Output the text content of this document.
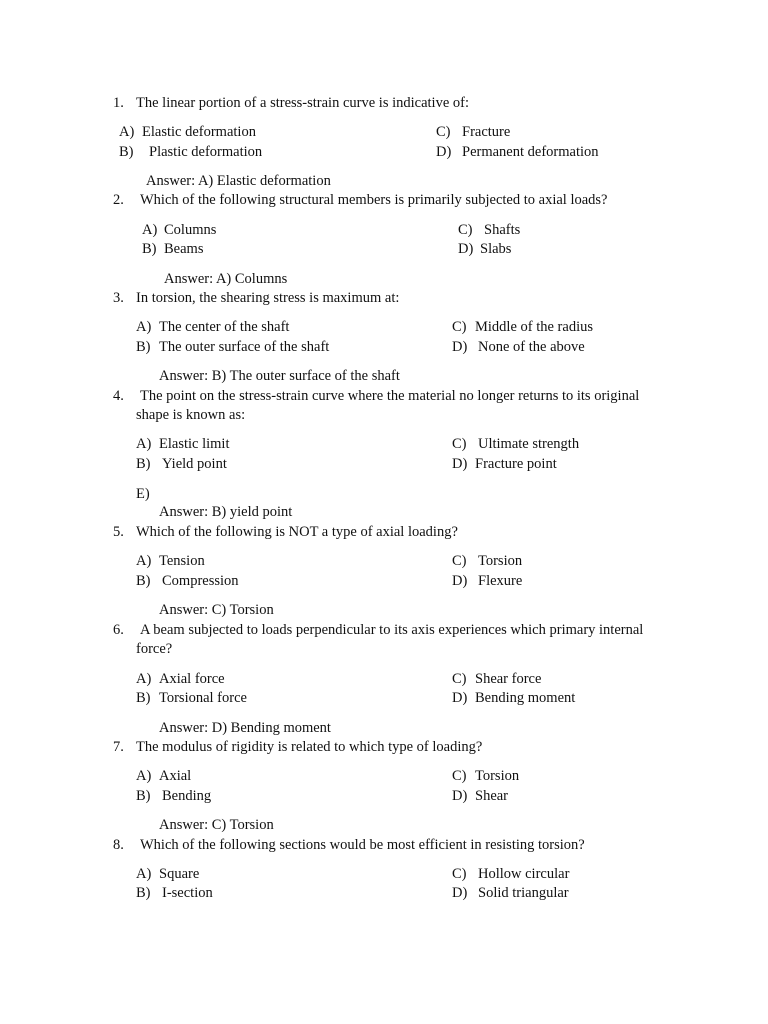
1. The linear portion of a stress-strain curve is indicative of:
A) Elastic deformation
B) Plastic deformation
C) Fracture
D) Permanent deformation
Answer: A) Elastic deformation
2. Which of the following structural members is primarily subjected to axial loads?
A) Columns
B) Beams
C) Shafts
D) Slabs
Answer: A) Columns
3. In torsion, the shearing stress is maximum at:
A) The center of the shaft
B) The outer surface of the shaft
C) Middle of the radius
D) None of the above
Answer: B) The outer surface of the shaft
4. The point on the stress-strain curve where the material no longer returns to its original
shape is known as:
A) Elastic limit
B) Yield point
C) Ultimate strength
D) Fracture point
E)
Answer: B) yield point
5. Which of the following is NOT a type of axial loading?
A) Tension
B) Compression
C) Torsion
D) Flexure
Answer: C) Torsion
6. A beam subjected to loads perpendicular to its axis experiences which primary internal
force?
A) Axial force
B) Torsional force
C) Shear force
D) Bending moment
Answer: D) Bending moment
7. The modulus of rigidity is related to which type of loading?
A) Axial
B) Bending
C) Torsion
D) Shear
Answer: C) Torsion
8. Which of the following sections would be most efficient in resisting torsion?
A) Square
B) I-section
C) Hollow circular
D) Solid triangular
